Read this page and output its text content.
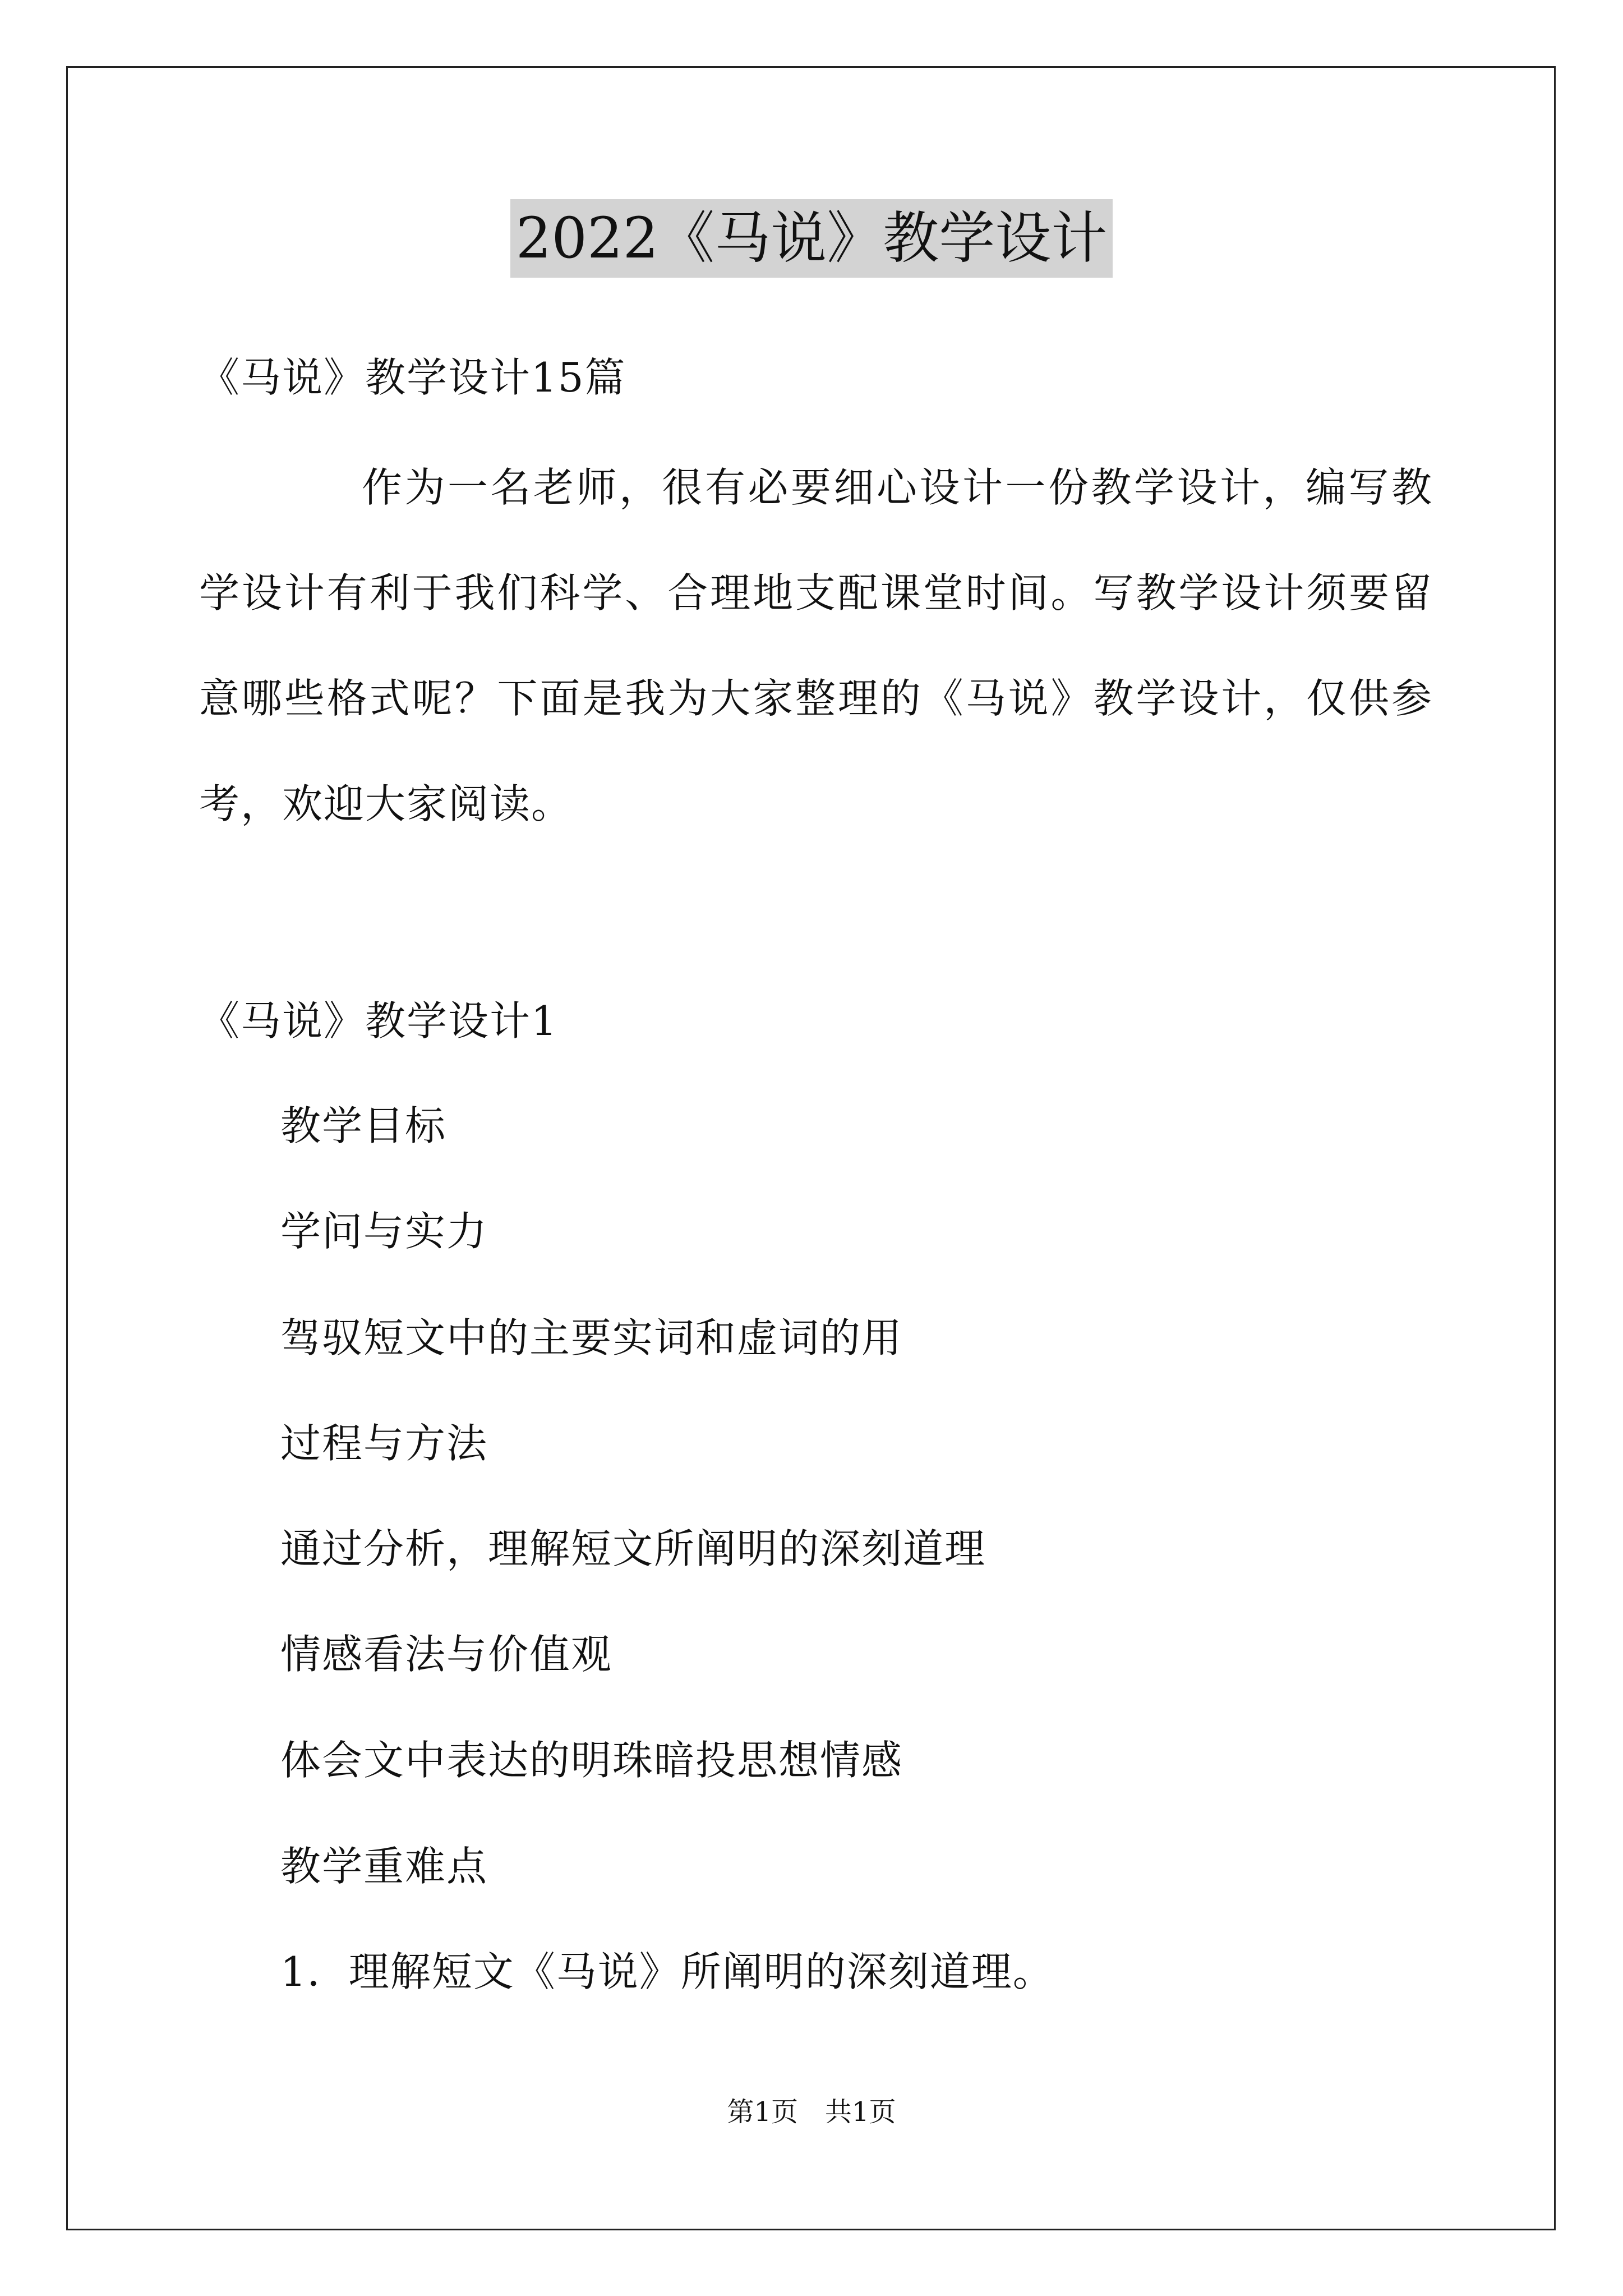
2022《马说》教学设计
《马说》教学设计15篇
作为一名老师，很有必要细心设计一份教学设计，编写教学设计有利于我们科学、合理地支配课堂时间。写教学设计须要留意哪些格式呢？下面是我为大家整理的《马说》教学设计，仅供参考，欢迎大家阅读。
《马说》教学设计1
教学目标
学问与实力
驾驭短文中的主要实词和虚词的用
过程与方法
通过分析，理解短文所阐明的深刻道理
情感看法与价值观
体会文中表达的明珠暗投思想情感
教学重难点
1．理解短文《马说》所阐明的深刻道理。
第1页　共1页
